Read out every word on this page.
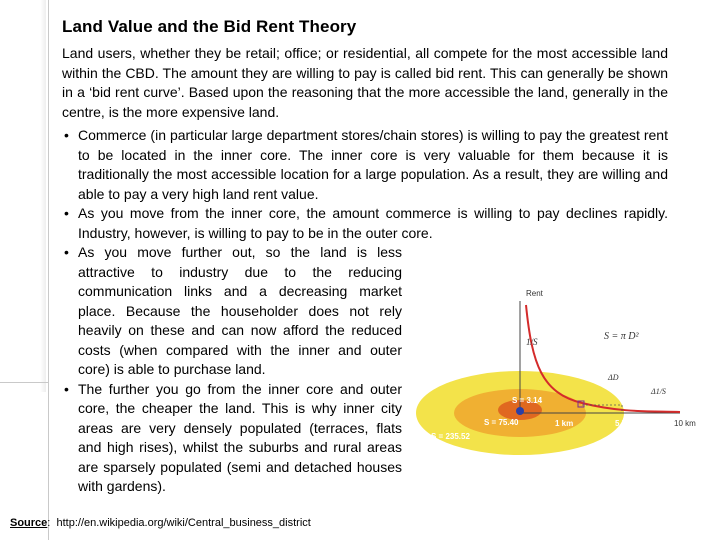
Land Value and the Bid Rent Theory
Land users, whether they be retail; office; or residential, all compete for the most accessible land within the CBD. The amount they are willing to pay is called bid rent. This can generally be shown in a ‘bid rent curve’. Based upon the reasoning that the more accessible the land, generally in the centre, is the more expensive land.
• Commerce (in particular large department stores/chain stores) is willing to pay the greatest rent to be located in the inner core. The inner core is very valuable for them because it is traditionally the most accessible location for a large population. As a result, they are willing and able to pay a very high land rent value.
• As you move from the inner core, the amount commerce is willing to pay declines rapidly. Industry, however, is willing to pay to be in the outer core.
• As you move further out, so the land is less attractive to industry due to the reducing communication links and a decreasing market place. Because the householder does not rely heavily on these and can now afford the reduced costs (when compared with the inner and outer core) is able to purchase land.
• The further you go from the inner core and outer core, the cheaper the land. This is why inner city areas are very densely populated (terraces, flats and high rises), whilst the suburbs and rural areas are sparsely populated (semi and detached houses with gardens).
Source: http://en.wikipedia.org/wiki/Central_business_district
Rent
1/S	S = π D²
ΔD
Δ1/S
S = 3.14
S = 75.40
S = 235.52
1 km	5 km	10 km
